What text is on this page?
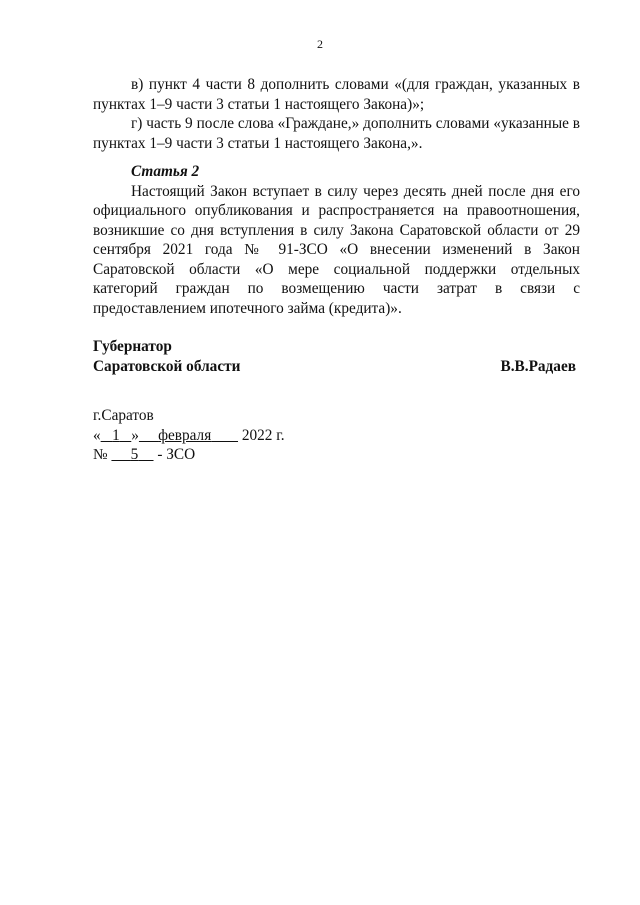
2

в) пункт 4 части 8 дополнить словами «(для граждан, указанных в пунктах 1–9 части 3 статьи 1 настоящего Закона)»;

г) часть 9 после слова «Граждане,» дополнить словами «указанные в пунктах 1–9 части 3 статьи 1 настоящего Закона,».

Статья 2

Настоящий Закон вступает в силу через десять дней после дня его официального опубликования и распространяется на правоотношения, возникшие со дня вступления в силу Закона Саратовской области от 29 сентября 2021 года № 91-ЗСО «О внесении изменений в Закон Саратовской области «О мере социальной поддержки отдельных категорий граждан по возмещению части затрат в связи с предоставлением ипотечного займа (кредита)».

Губернатор
Саратовской области	В.В.Радаев
г.Саратов
« 1 » февраля 2022 г.
№ 5 - ЗСО
